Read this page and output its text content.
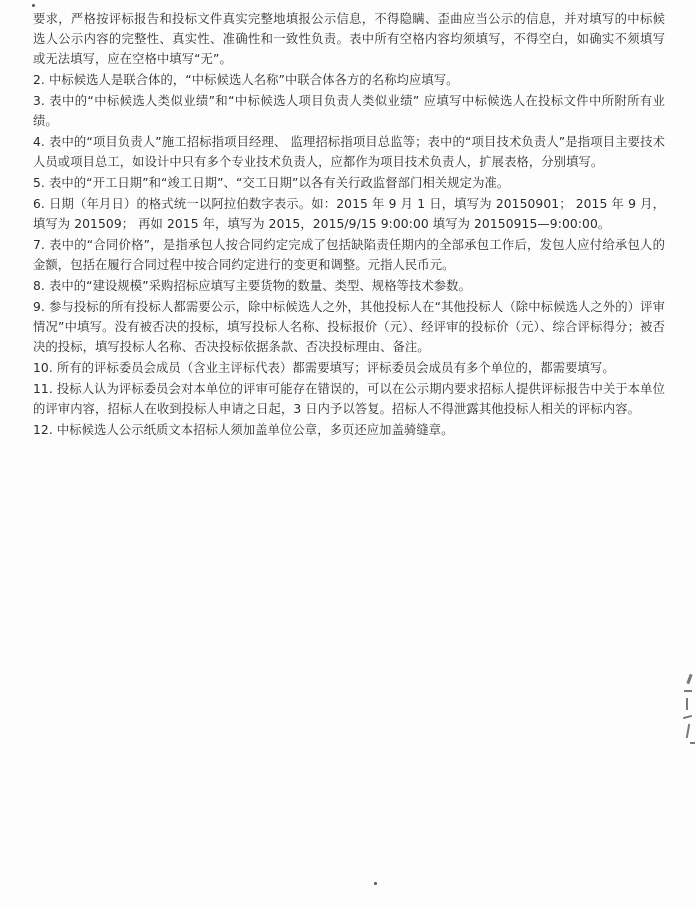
要求，严格按评标报告和投标文件真实完整地填报公示信息，不得隐瞒、歪曲应当公示的信息，并对填写的中标候选人公示内容的完整性、真实性、准确性和一致性负责。表中所有空格内容均须填写，不得空白，如确实不须填写或无法填写，应在空格中填写“无”。

2. 中标候选人是联合体的，“中标候选人名称”中联合体各方的名称均应填写。

3. 表中的“中标候选人类似业绩”和“中标候选人项目负责人类似业绩” 应填写中标候选人在投标文件中所附所有业绩。

4. 表中的“项目负责人”施工招标指项目经理、 监理招标指项目总监等；表中的“项目技术负责人”是指项目主要技术人员或项目总工，如设计中只有多个专业技术负责人，应都作为项目技术负责人，扩展表格，分别填写。

5. 表中的“开工日期”和“竣工日期”、“交工日期”以各有关行政监督部门相关规定为准。

6. 日期（年月日）的格式统一以阿拉伯数字表示。如：2015 年 9 月 1 日，填写为 20150901； 2015 年 9 月，填写为 201509； 再如 2015 年，填写为 2015，2015/9/15 9:00:00 填写为 20150915—9:00:00。

7. 表中的“合同价格”，是指承包人按合同约定完成了包括缺陷责任期内的全部承包工作后，发包人应付给承包人的金额，包括在履行合同过程中按合同约定进行的变更和调整。元指人民币元。

8. 表中的“建设规模”采购招标应填写主要货物的数量、类型、规格等技术参数。

9. 参与投标的所有投标人都需要公示，除中标候选人之外，其他投标人在“其他投标人（除中标候选人之外的）评审情况”中填写。没有被否决的投标，填写投标人名称、投标报价（元）、经评审的投标价（元）、综合评标得分；被否决的投标，填写投标人名称、否决投标依据条款、否决投标理由、备注。

10. 所有的评标委员会成员（含业主评标代表）都需要填写；评标委员会成员有多个单位的，都需要填写。

11. 投标人认为评标委员会对本单位的评审可能存在错误的，可以在公示期内要求招标人提供评标报告中关于本单位的评审内容，招标人在收到投标人申请之日起，3 日内予以答复。招标人不得泄露其他投标人相关的评标内容。

12. 中标候选人公示纸质文本招标人须加盖单位公章，多页还应加盖骑缝章。
